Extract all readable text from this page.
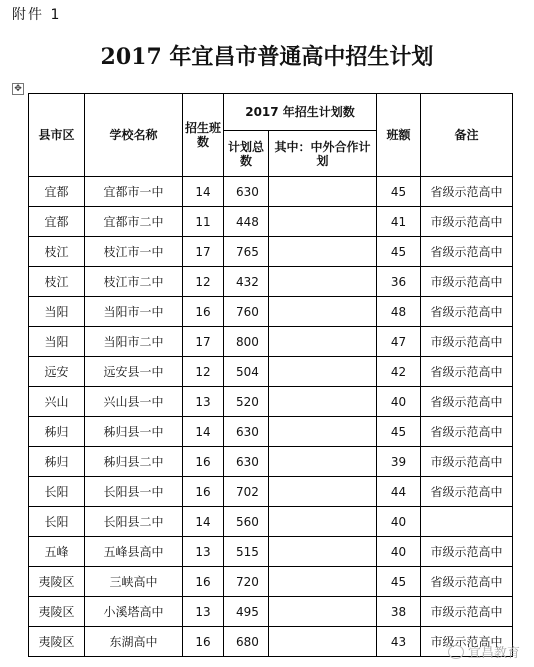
附件 1
2017 年宜昌市普通高中招生计划
✥
县市区	学校名称	招生班数	2017 年招生计划数		班额	备注
			计划总数	其中：中外合作计划		
宜都	宜都市一中	14	630		45	省级示范高中
宜都	宜都市二中	11	448		41	市级示范高中
枝江	枝江市一中	17	765		45	省级示范高中
枝江	枝江市二中	12	432		36	市级示范高中
当阳	当阳市一中	16	760		48	省级示范高中
当阳	当阳市二中	17	800		47	市级示范高中
远安	远安县一中	12	504		42	省级示范高中
兴山	兴山县一中	13	520		40	省级示范高中
秭归	秭归县一中	14	630		45	省级示范高中
秭归	秭归县二中	16	630		39	市级示范高中
长阳	长阳县一中	16	702		44	省级示范高中
长阳	长阳县二中	14	560		40	
五峰	五峰县高中	13	515		40	市级示范高中
夷陵区	三峡高中	16	720		45	省级示范高中
夷陵区	小溪塔高中	13	495		38	市级示范高中
夷陵区	东湖高中	16	680		43	市级示范高中
宜昌教育
